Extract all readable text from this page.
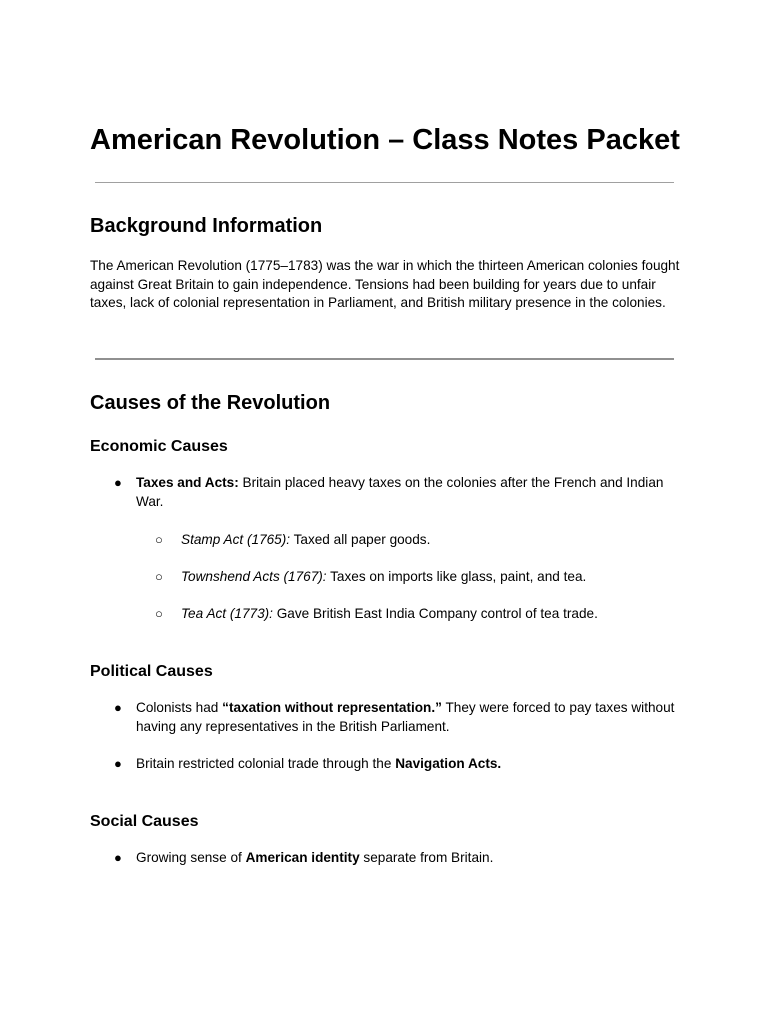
American Revolution – Class Notes Packet
Background Information

The American Revolution (1775–1783) was the war in which the thirteen American colonies fought against Great Britain to gain independence. Tensions had been building for years due to unfair taxes, lack of colonial representation in Parliament, and British military presence in the colonies.

Causes of the Revolution
Economic Causes
●	Taxes and Acts: Britain placed heavy taxes on the colonies after the French and Indian War.
○	Stamp Act (1765): Taxed all paper goods.
○	Townshend Acts (1767): Taxes on imports like glass, paint, and tea.
○	Tea Act (1773): Gave British East India Company control of tea trade.
Political Causes
●	Colonists had “taxation without representation.” They were forced to pay taxes without having any representatives in the British Parliament.
●	Britain restricted colonial trade through the Navigation Acts.
Social Causes
●	Growing sense of American identity separate from Britain.
